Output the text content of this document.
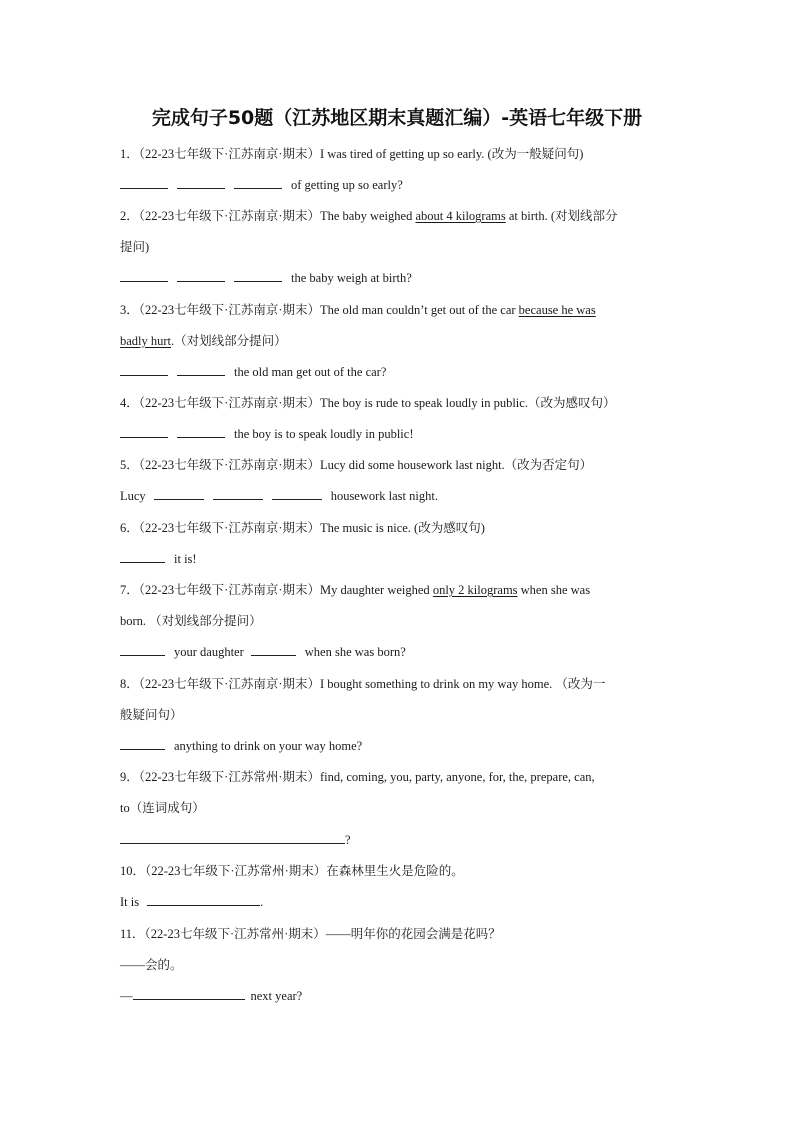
完成句子50题（江苏地区期末真题汇编）-英语七年级下册
1．（22-23七年级下·江苏南京·期末）I was tired of getting up so early. (改为一般疑问句)
of getting up so early?
2．（22-23七年级下·江苏南京·期末）The baby weighed about 4 kilograms at birth. (对划线部分
提问)
the baby weigh at birth?
3．（22-23七年级下·江苏南京·期末）The old man couldn’t get out of the car because he was
badly hurt.（对划线部分提问）
the old man get out of the car?
4．（22-23七年级下·江苏南京·期末）The boy is rude to speak loudly in public.（改为感叹句）
the boy is to speak loudly in public!
5．（22-23七年级下·江苏南京·期末）Lucy did some housework last night.（改为否定句）
Lucy	housework last night.
6．（22-23七年级下·江苏南京·期末）The music is nice. (改为感叹句)
it is!
7．（22-23七年级下·江苏南京·期末）My daughter weighed only 2 kilograms when she was
born. （对划线部分提问）
your daughter	when she was born?
8．（22-23七年级下·江苏南京·期末）I bought something to drink on my way home. （改为一
般疑问句）
anything to drink on your way home?
9．（22-23七年级下·江苏常州·期末）find, coming, you, party, anyone, for, the, prepare, can,
to（连词成句）
?
10．（22-23七年级下·江苏常州·期末）在森林里生火是危险的。
It is	.
11．（22-23七年级下·江苏常州·期末）——明年你的花园会满是花吗？
——会的。
—	next year?
